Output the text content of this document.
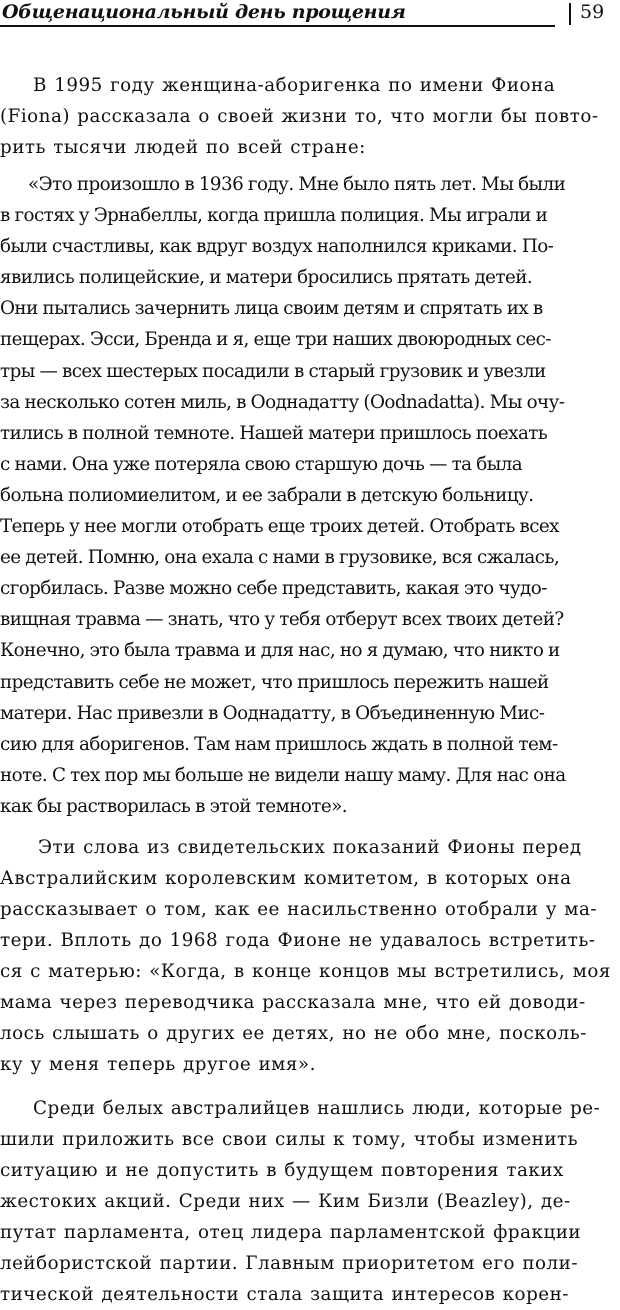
Общенациональный день прощения	59
В 1995 году женщина-аборигенка по имени Фиона
(Fiona) рассказала о своей жизни то, что могли бы повто-
рить тысячи людей по всей стране:
«Это произошло в 1936 году. Мне было пять лет. Мы были
в гостях у Эрнабеллы, когда пришла полиция. Мы играли и
были счастливы, как вдруг воздух наполнился криками. По-
явились полицейские, и матери бросились прятать детей.
Они пытались зачернить лица своим детям и спрятать их в
пещерах. Эсси, Бренда и я, еще три наших двоюродных сес-
тры — всех шестерых посадили в старый грузовик и увезли
за несколько сотен миль, в Ооднадатту (Oodnadatta). Мы очу-
тились в полной темноте. Нашей матери пришлось поехать
с нами. Она уже потеряла свою старшую дочь — та была
больна полиомиелитом, и ее забрали в детскую больницу.
Теперь у нее могли отобрать еще троих детей. Отобрать всех
ее детей. Помню, она ехала с нами в грузовике, вся сжалась,
сгорбилась. Разве можно себе представить, какая это чудо-
вищная травма — знать, что у тебя отберут всех твоих детей?
Конечно, это была травма и для нас, но я думаю, что никто и
представить себе не может, что пришлось пережить нашей
матери. Нас привезли в Ооднадатту, в Объединенную Мис-
сию для аборигенов. Там нам пришлось ждать в полной тем-
ноте. С тех пор мы больше не видели нашу маму. Для нас она
как бы растворилась в этой темноте».
Эти слова из свидетельских показаний Фионы перед
Австралийским королевским комитетом, в которых она
рассказывает о том, как ее насильственно отобрали у ма-
тери. Вплоть до 1968 года Фионе не удавалось встретить-
ся с матерью: «Когда, в конце концов мы встретились, моя
мама через переводчика рассказала мне, что ей доводи-
лось слышать о других ее детях, но не обо мне, посколь-
ку у меня теперь другое имя».
Среди белых австралийцев нашлись люди, которые ре-
шили приложить все свои силы к тому, чтобы изменить
ситуацию и не допустить в будущем повторения таких
жестоких акций. Среди них — Ким Бизли (Beazley), де-
путат парламента, отец лидера парламентской фракции
лейбористской партии. Главным приоритетом его поли-
тической деятельности стала защита интересов корен-
